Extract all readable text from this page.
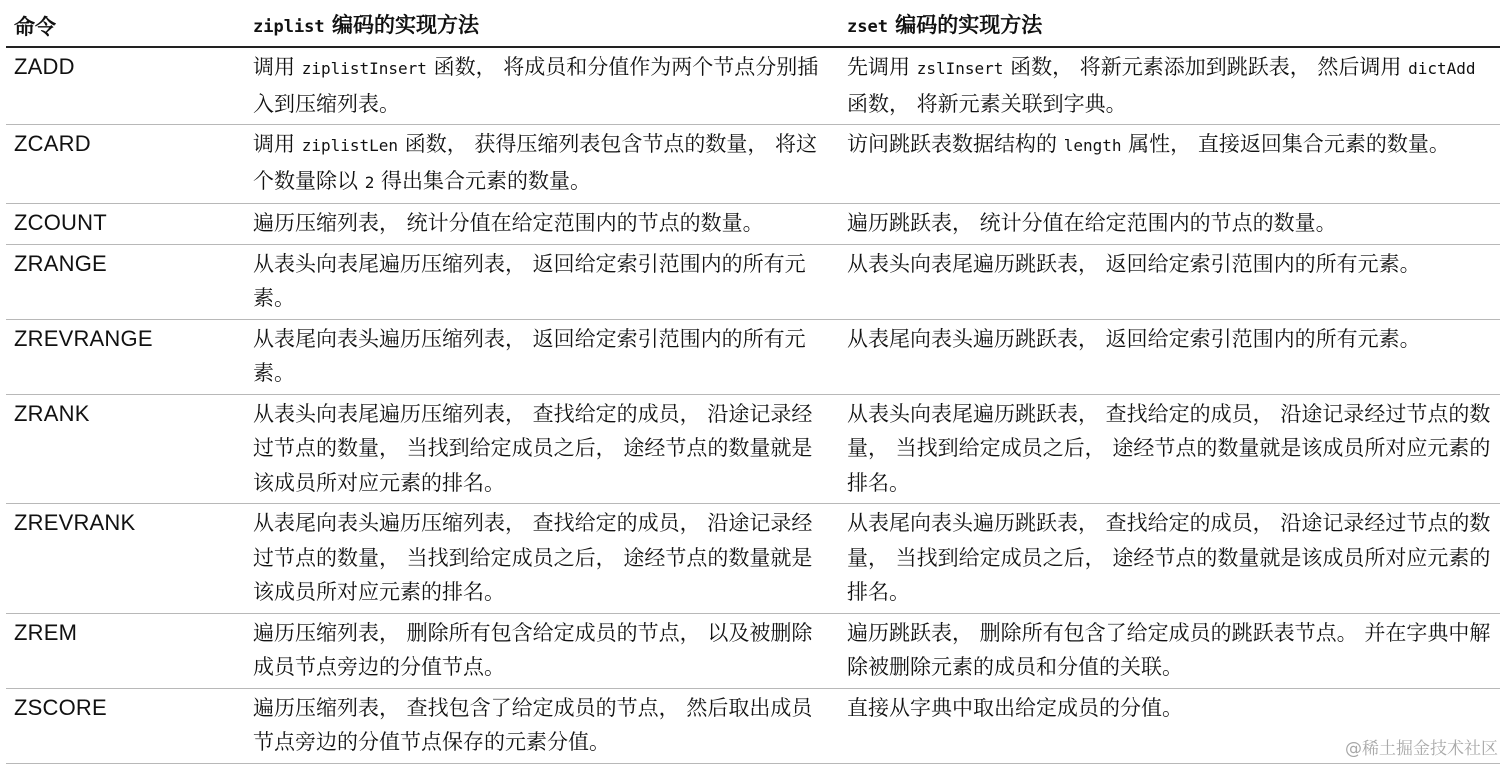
命令	ziplist 编码的实现方法	zset 编码的实现方法
ZADD	调用 ziplistInsert 函数， 将成员和分值作为两个节点分别插入到压缩列表。	先调用 zslInsert 函数， 将新元素添加到跳跃表， 然后调用 dictAdd 函数， 将新元素关联到字典。
ZCARD	调用 ziplistLen 函数， 获得压缩列表包含节点的数量， 将这个数量除以 2 得出集合元素的数量。	访问跳跃表数据结构的 length 属性， 直接返回集合元素的数量。
ZCOUNT	遍历压缩列表， 统计分值在给定范围内的节点的数量。	遍历跳跃表， 统计分值在给定范围内的节点的数量。
ZRANGE	从表头向表尾遍历压缩列表， 返回给定索引范围内的所有元素。	从表头向表尾遍历跳跃表， 返回给定索引范围内的所有元素。
ZREVRANGE	从表尾向表头遍历压缩列表， 返回给定索引范围内的所有元素。	从表尾向表头遍历跳跃表， 返回给定索引范围内的所有元素。
ZRANK	从表头向表尾遍历压缩列表， 查找给定的成员， 沿途记录经过节点的数量， 当找到给定成员之后， 途经节点的数量就是该成员所对应元素的排名。	从表头向表尾遍历跳跃表， 查找给定的成员， 沿途记录经过节点的数量， 当找到给定成员之后， 途经节点的数量就是该成员所对应元素的排名。
ZREVRANK	从表尾向表头遍历压缩列表， 查找给定的成员， 沿途记录经过节点的数量， 当找到给定成员之后， 途经节点的数量就是该成员所对应元素的排名。	从表尾向表头遍历跳跃表， 查找给定的成员， 沿途记录经过节点的数量， 当找到给定成员之后， 途经节点的数量就是该成员所对应元素的排名。
ZREM	遍历压缩列表， 删除所有包含给定成员的节点， 以及被删除成员节点旁边的分值节点。	遍历跳跃表， 删除所有包含了给定成员的跳跃表节点。 并在字典中解除被删除元素的成员和分值的关联。
ZSCORE	遍历压缩列表， 查找包含了给定成员的节点， 然后取出成员节点旁边的分值节点保存的元素分值。	直接从字典中取出给定成员的分值。
@稀土掘金技术社区
